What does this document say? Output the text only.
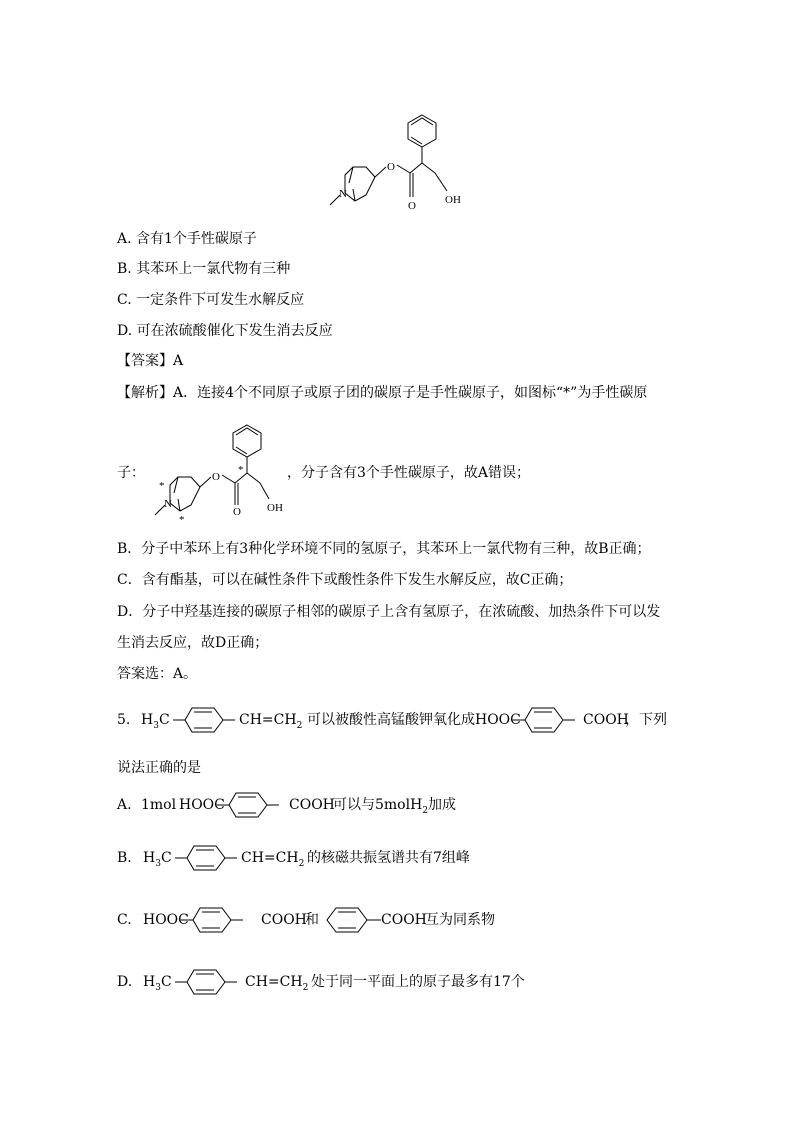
O
O	OH
N
A. 含有1个手性碳原子
B. 其苯环上一氯代物有三种
C. 一定条件下可发生水解反应
D. 可在浓硫酸催化下发生消去反应
【答案】A
【解析】A．连接4个不同原子或原子团的碳原子是手性碳原子，如图标“*”为手性碳原
子：	O
O OH
N
*
*
*
，分子含有3个手性碳原子，故A错误；
B．分子中苯环上有3种化学环境不同的氢原子，其苯环上一氯代物有三种，故B正确；
C．含有酯基，可以在碱性条件下或酸性条件下发生水解反应，故C正确；
D．分子中羟基连接的碳原子相邻的碳原子上含有氢原子，在浓硫酸、加热条件下可以发
生消去反应，故D正确；
答案选：A。
5. $H_3C$	$CH=CH_2$ 可以被酸性高锰酸钾氧化成 HOOC	COOH
，下列
说法正确的是
A. 1mol HOOC	COOH
可以与5molH$_2$加成
B. $H_3C$	$CH=CH_2$ 的核磁共振氢谱共有7组峰
C. HOOC	COOH
和	COOH
互为同系物
D. $H_3C$	$CH=CH_2$ 处于同一平面上的原子最多有17个
